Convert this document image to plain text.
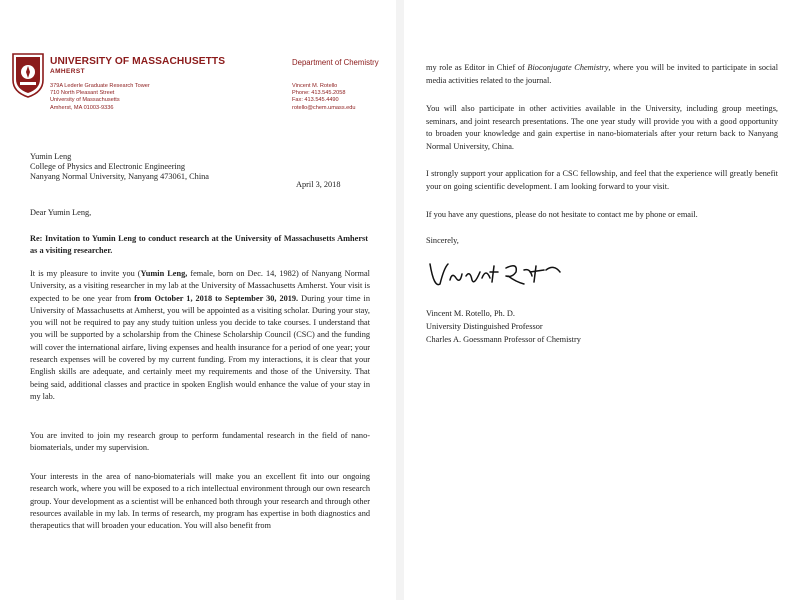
UNIVERSITY OF MASSACHUSETTS
AMHERST
Department of Chemistry
379A Lederle Graduate Research Tower
710 North Pleasant Street
University of Massachusetts
Amherst, MA 01003-9336
Vincent M. Rotello
Phone: 413.545.2058
Fax: 413.545.4490
rotello@chem.umass.edu
Yumin Leng
College of Physics and Electronic Engineering
Nanyang Normal University, Nanyang 473061, China
April 3, 2018
Dear Yumin Leng,
Re: Invitation to Yumin Leng to conduct research at the University of Massachusetts Amherst as a visiting researcher.
It is my pleasure to invite you (Yumin Leng, female, born on Dec. 14, 1982) of Nanyang Normal University, as a visiting researcher in my lab at the University of Massachusetts Amherst. Your visit is expected to be one year from from October 1, 2018 to September 30, 2019. During your time in University of Massachusetts at Amherst, you will be appointed as a visiting scholar. During your stay, you will not be required to pay any study tuition unless you decide to take courses. I understand that you will be supported by a scholarship from the Chinese Scholarship Council (CSC) and the funding will cover the international airfare, living expenses and health insurance for a period of one year; your research expenses will be covered by my current funding. From my interactions, it is clear that your English skills are adequate, and certainly meet my requirements and those of the University. That being said, additional classes and practice in spoken English would enhance the value of your stay in my lab.
You are invited to join my research group to perform fundamental research in the field of nano-biomaterials, under my supervision.
Your interests in the area of nano-biomaterials will make you an excellent fit into our ongoing research work, where you will be exposed to a rich intellectual environment through our own research group. Your development as a scientist will be enhanced both through your research and through other resources available in my lab. In terms of research, my program has expertise in both diagnostics and therapeutics that will broaden your education. You will also benefit from
my role as Editor in Chief of Bioconjugate Chemistry, where you will be invited to participate in social media activities related to the journal.
You will also participate in other activities available in the University, including group meetings, seminars, and joint research presentations. The one year study will provide you with a good opportunity to broaden your knowledge and gain expertise in nano-biomaterials after your return back to Nanyang Normal University, China.
I strongly support your application for a CSC fellowship, and feel that the experience will greatly benefit your on going scientific development. I am looking forward to your visit.
If you have any questions, please do not hesitate to contact me by phone or email.
Sincerely,
Vincent M. Rotello, Ph. D.
University Distinguished Professor
Charles A. Goessmann Professor of Chemistry
